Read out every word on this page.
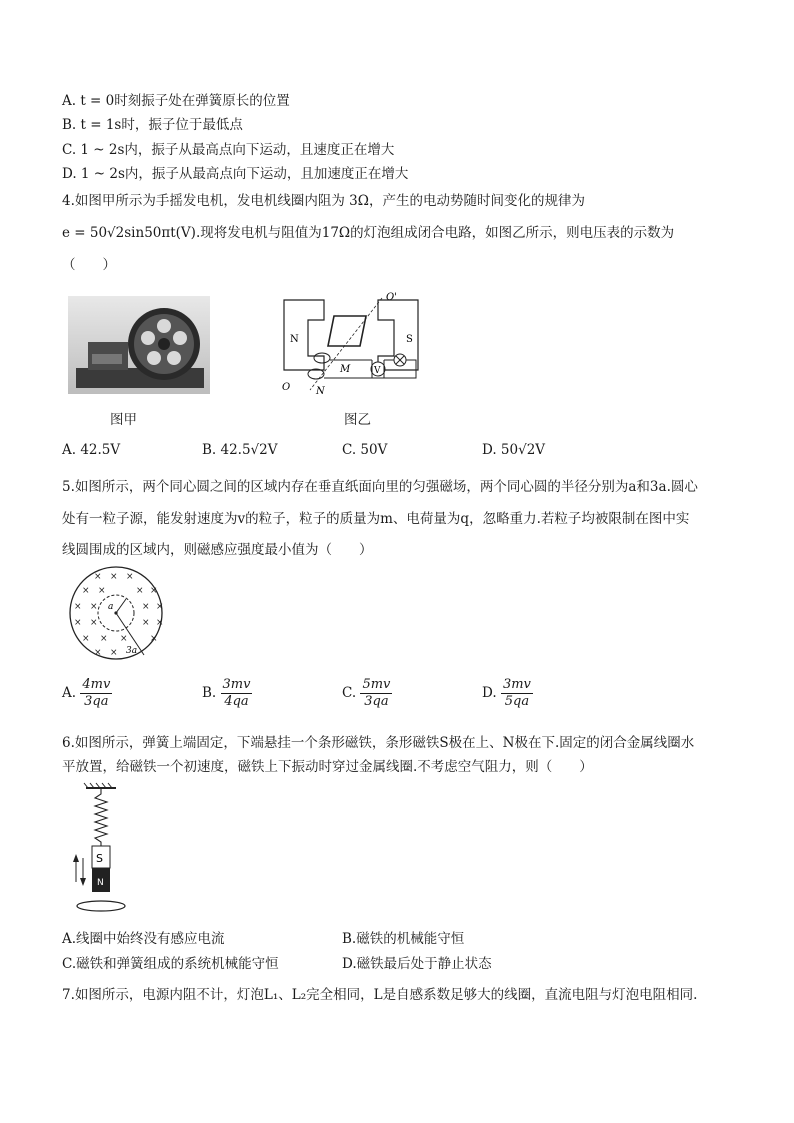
A. t = 0时刻振子处在弹簧原长的位置
B. t = 1s时，振子位于最低点
C. 1 ~ 2s内，振子从最高点向下运动，且速度正在增大
D. 1 ~ 2s内，振子从最高点向下运动，且加速度正在增大
4.如图甲所示为手摇发电机，发电机线圈内阻为 3Ω，产生的电动势随时间变化的规律为
e = 50√2sin50πt(V).现将发电机与阻值为17Ω的灯泡组成闭合电路，如图乙所示，则电压表的示数为
（　　）
图甲
N	S
O'
O
M
N
V
图乙
A. 42.5V	B. 42.5√2V	C. 50V	D. 50√2V
5.如图所示，两个同心圆之间的区域内存在垂直纸面向里的匀强磁场，两个同心圆的半径分别为a和3a.圆心
处有一粒子源，能发射速度为v的粒子，粒子的质量为m、电荷量为q，忽略重力.若粒子均被限制在图中实
线圆围成的区域内，则磁感应强度最小值为（　　）
× × ×
× ×	× ×
× ×	× ×
× ×	× ×
× × × ×
× ×
a
3a
A. $\frac{4mv}{3qa}$	B. $\frac{3mv}{4qa}$	C. $\frac{5mv}{3qa}$	D. $\frac{3mv}{5qa}$
6.如图所示，弹簧上端固定，下端悬挂一个条形磁铁，条形磁铁S极在上、N极在下.固定的闭合金属线圈水
平放置，给磁铁一个初速度，磁铁上下振动时穿过金属线圈.不考虑空气阻力，则（　　）
S
N
A.线圈中始终没有感应电流	B.磁铁的机械能守恒
C.磁铁和弹簧组成的系统机械能守恒	D.磁铁最后处于静止状态
7.如图所示，电源内阻不计，灯泡L₁、L₂完全相同，L是自感系数足够大的线圈，直流电阻与灯泡电阻相同.
